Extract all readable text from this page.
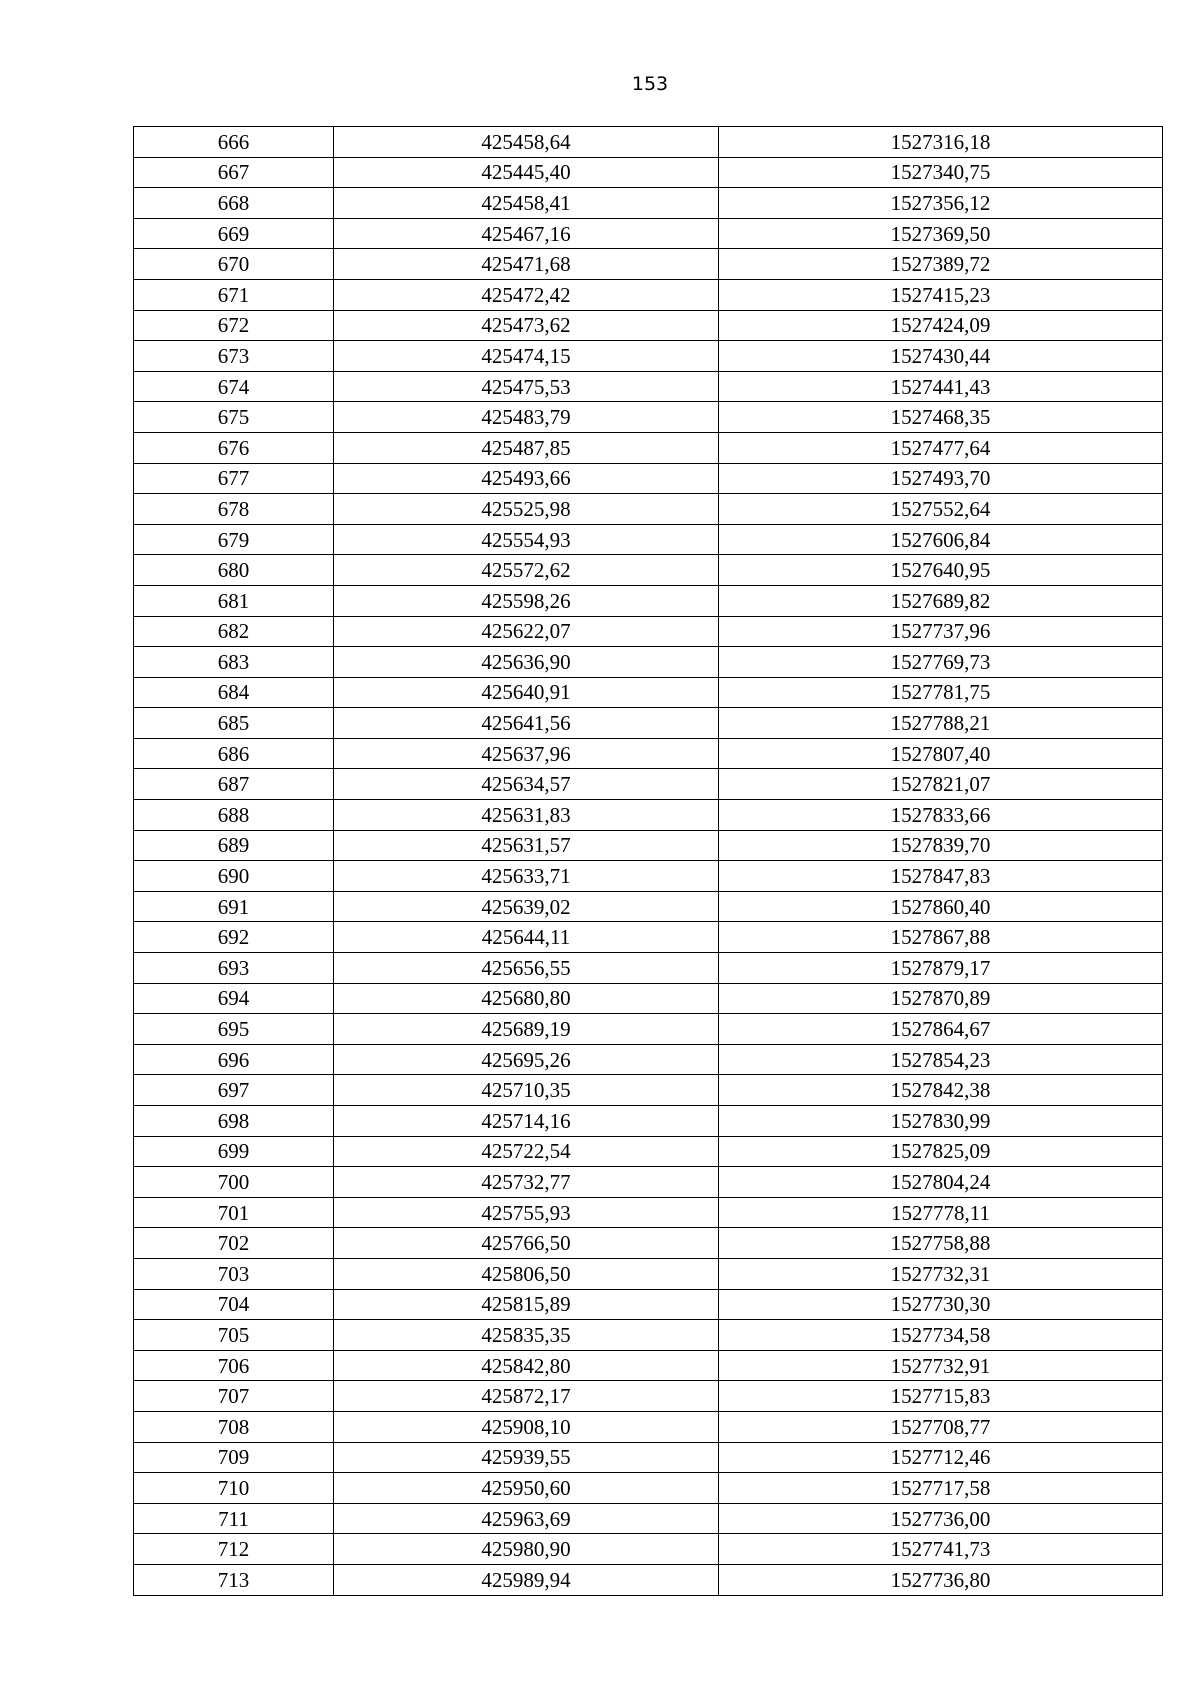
153
666	425458,64	1527316,18
667	425445,40	1527340,75
668	425458,41	1527356,12
669	425467,16	1527369,50
670	425471,68	1527389,72
671	425472,42	1527415,23
672	425473,62	1527424,09
673	425474,15	1527430,44
674	425475,53	1527441,43
675	425483,79	1527468,35
676	425487,85	1527477,64
677	425493,66	1527493,70
678	425525,98	1527552,64
679	425554,93	1527606,84
680	425572,62	1527640,95
681	425598,26	1527689,82
682	425622,07	1527737,96
683	425636,90	1527769,73
684	425640,91	1527781,75
685	425641,56	1527788,21
686	425637,96	1527807,40
687	425634,57	1527821,07
688	425631,83	1527833,66
689	425631,57	1527839,70
690	425633,71	1527847,83
691	425639,02	1527860,40
692	425644,11	1527867,88
693	425656,55	1527879,17
694	425680,80	1527870,89
695	425689,19	1527864,67
696	425695,26	1527854,23
697	425710,35	1527842,38
698	425714,16	1527830,99
699	425722,54	1527825,09
700	425732,77	1527804,24
701	425755,93	1527778,11
702	425766,50	1527758,88
703	425806,50	1527732,31
704	425815,89	1527730,30
705	425835,35	1527734,58
706	425842,80	1527732,91
707	425872,17	1527715,83
708	425908,10	1527708,77
709	425939,55	1527712,46
710	425950,60	1527717,58
711	425963,69	1527736,00
712	425980,90	1527741,73
713	425989,94	1527736,80
